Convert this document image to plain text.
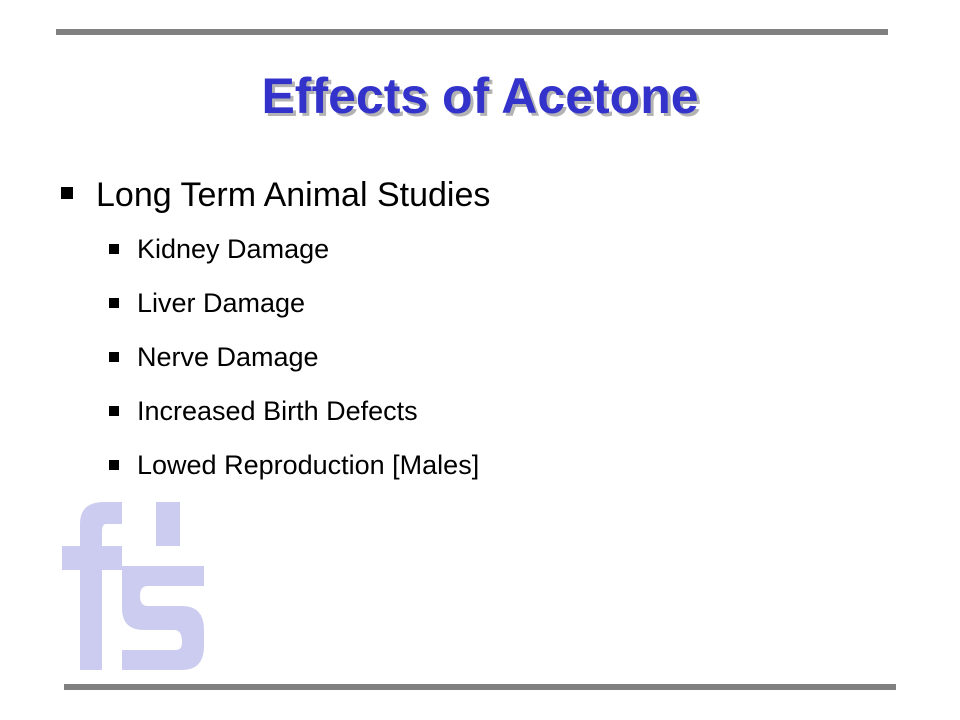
Effects of Acetone
Long Term Animal Studies
Kidney Damage
Liver Damage
Nerve Damage
Increased Birth Defects
Lowed Reproduction [Males]
